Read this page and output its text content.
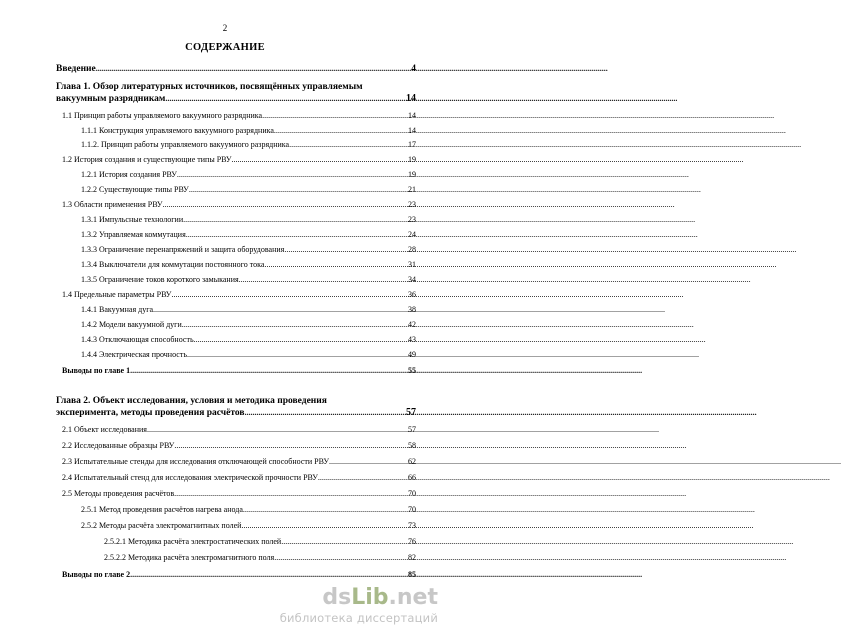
2
СОДЕРЖАНИЕ
Введение .....	4
Глава 1. Обзор литературных источников, посвящённых управляемым
вакуумным разрядникам .....	14
1.1 Принцип работы управляемого вакуумного разрядника .....	14
1.1.1 Конструкция управляемого вакуумного разрядника .....	14
1.1.2. Принцип работы управляемого вакуумного разрядника .....	17
1.2 История создания и существующие типы РВУ .....	19
1.2.1 История создания РВУ .....	19
1.2.2 Существующие типы РВУ .....	21
1.3 Области применения РВУ .....	23
1.3.1 Импульсные технологии .....	23
1.3.2 Управляемая коммутация .....	24
1.3.3 Ограничение перенапряжений и защита оборудования .....	28
1.3.4 Выключатели для коммутации постоянного тока .....	31
1.3.5 Ограничение токов короткого замыкания .....	34
1.4 Предельные параметры РВУ .....	36
1.4.1 Вакуумная дуга .....	38
1.4.2 Модели вакуумной дуги .....	42
1.4.3 Отключающая способность .....	43
1.4.4 Электрическая прочность .....	49
Выводы по главе 1 .....	55
Глава 2. Объект исследования, условия и методика проведения
эксперимента, методы проведения расчётов .....	57
2.1 Объект исследования .....	57
2.2 Исследованные образцы РВУ .....	58
2.3 Испытательные стенды для исследования отключающей способности РВУ .....	62
2.4 Испытательный стенд для исследования электрической прочности РВУ .....	66
2.5 Методы проведения расчётов .....	70
2.5.1 Метод проведения расчётов нагрева анода .....	70
2.5.2 Методы расчёта электромагнитных полей .....	73
2.5.2.1 Методика расчёта электростатических полей .....	76
2.5.2.2 Методика расчёта электромагнитного поля .....	82
Выводы по главе 2 .....	85
dsLib.net
библиотека диссертаций
